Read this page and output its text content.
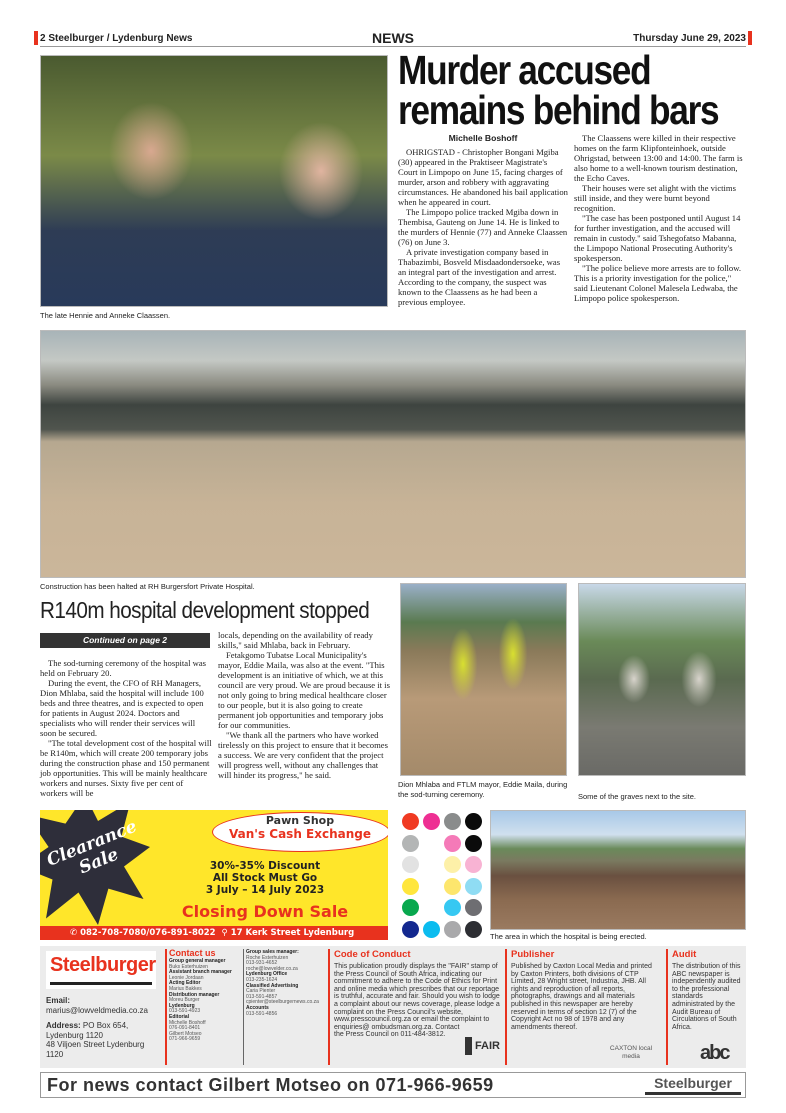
2 Steelburger / Lydenburg News	NEWS	Thursday June 29, 2023
The late Hennie and Anneke Claassen.
Murder accused
remains behind bars
Michelle Boshoff

OHRIGSTAD - Christopher Bongani Mgiba (30) appeared in the Praktiseer Magistrate's Court in Limpopo on June 15, facing charges of murder, arson and robbery with aggravating circumstances. He abandoned his bail application when he appeared in court.

The Limpopo police tracked Mgiba down in Thembisa, Gauteng on June 14. He is linked to the murders of Hennie (77) and Anneke Claassen (76) on June 3.

A private investigation company based in Thabazimbi, Bosveld Misdaadondersoeke, was an integral part of the investigation and arrest. According to the company, the suspect was known to the Claassens as he had been a previous employee.

The Claassens were killed in their respective homes on the farm Klipfonteinhoek, outside Ohrigstad, between 13:00 and 14:00. The farm is also home to a well-known tourism destination, the Echo Caves.

Their houses were set alight with the victims still inside, and they were burnt beyond recognition.

"The case has been postponed until August 14 for further investigation, and the accused will remain in custody." said Tshegofatso Mabanna, the Limpopo National Prosecuting Authority's spokesperson.

"The police believe more arrests are to follow. This is a priority investigation for the police," said Lieutenant Colonel Malesela Ledwaba, the Limpopo police spokesperson.

Construction has been halted at RH Burgersfort Private Hospital.
R140m hospital development stopped
Continued on page 2

The sod-turning ceremony of the hospital was held on February 20.

During the event, the CFO of RH Managers, Dion Mhlaba, said the hospital will include 100 beds and three theatres, and is expected to open for patients in August 2024. Doctors and specialists who will render their services will soon be secured.

"The total development cost of the hospital will be R140m, which will create 200 temporary jobs during the construction phase and 150 permanent job opportunities. This will be mainly healthcare workers and nurses. Sixty five per cent of workers will be

locals, depending on the availability of ready skills," said Mhlaba, back in February.

Fetakgomo Tubatse Local Municipality's mayor, Eddie Maila, was also at the event. "This development is an initiative of which, we at this council are very proud. We are proud because it is not only going to bring medical healthcare closer to our people, but it is also going to create permanent job opportunities and temporary jobs for our communities.

"We thank all the partners who have worked tirelessly on this project to ensure that it becomes a success. We are very confident that the project will progress well, without any challenges that will hinder its progress," he said.

Dion Mhlaba and FTLM mayor, Eddie Maila, during the sod-turning ceremony.	Some of the graves next to the site.
Clearance Sale
Pawn Shop
Van's Cash Exchange
30%-35% Discount
All Stock Must Go
3 July – 14 July 2023
Closing Down Sale
✆ 082-708-7080/076-891-8022 ⚲ 17 Kerk Street Lydenburg	The area in which the hospital is being erected.
Steelburger
Email:
marius@lowveldmedia.co.za
Address: PO Box 654, Lydenburg 1120
48 Viljoen Street Lydenburg 1120
Contact us
Group general manager
Buks Esterhuizen
Assistant branch manager
Leonie Jordaan
Acting Editor
Marius Bakkes
Distribution manager
Moreu Burger
Lydenburg
013-591-4923
Editorial
Michelle Boshoff
076-091-8401
Gilbert Motseo
071-966-9659
Group sales manager:
Roche Esterhuizen
013-931-4652
roche@lowvelder.co.za
Lydenburg Office
013-235-1624
Classified Advertising
Caria Pienter
013-591-4857
cpienter@steelburgernews.co.za
Accounts
013-591-4856
Code of Conduct
FAIR
This publication proudly displays the "FAIR" stamp of the Press Council of South Africa, indicating our commitment to adhere to the Code of Ethics for Print and online media which prescribes that our reportage is truthful, accurate and fair. Should you wish to lodge a complaint about our news coverage, please lodge a complaint on the Press Council's website, www.presscouncil.org.za or email the complaint to enquiries@ ombudsman.org.za. Contact the Press Council on 011-484-3812.
Publisher
CAXTON local media
Published by Caxton Local Media and printed by Caxton Printers, both divisions of CTP Limited, 28 Wright street, Industria, JHB. All rights and reproduction of all reports, photographs, drawings and all materials published in this newspaper are hereby reserved in terms of section 12 (7) of the Copyright Act no 98 of 1978 and any amendments thereof.
Audit
The distribution of this ABC newspaper is independently audited to the professional standards administrated by the Audit Bureau of Circulations of South Africa.
abc
For news contact Gilbert Motseo on 071-966-9659	Steelburger
